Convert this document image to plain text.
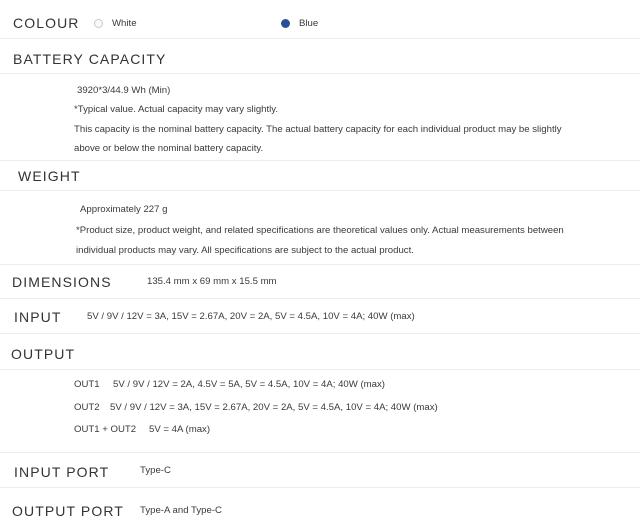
COLOUR	White	Blue
BATTERY CAPACITY
3920*3/44.9 Wh (Min)
*Typical value. Actual capacity may vary slightly.
This capacity is the nominal battery capacity. The actual battery capacity for each individual product may be slightly
above or below the nominal battery capacity.
WEIGHT
Approximately 227 g
*Product size, product weight, and related specifications are theoretical values only. Actual measurements between
individual products may vary. All specifications are subject to the actual product.
DIMENSIONS	135.4 mm x 69 mm x 15.5 mm
INPUT	5V / 9V / 12V = 3A, 15V = 2.67A, 20V = 2A, 5V = 4.5A, 10V = 4A; 40W (max)
OUTPUT
OUT1 5V / 9V / 12V = 2A, 4.5V = 5A, 5V = 4.5A, 10V = 4A; 40W (max)
OUT2 5V / 9V / 12V = 3A, 15V = 2.67A, 20V = 2A, 5V = 4.5A, 10V = 4A; 40W (max)
OUT1 + OUT2 5V = 4A (max)
INPUT PORT	Type-C
OUTPUT PORT Type-A and Type-C
